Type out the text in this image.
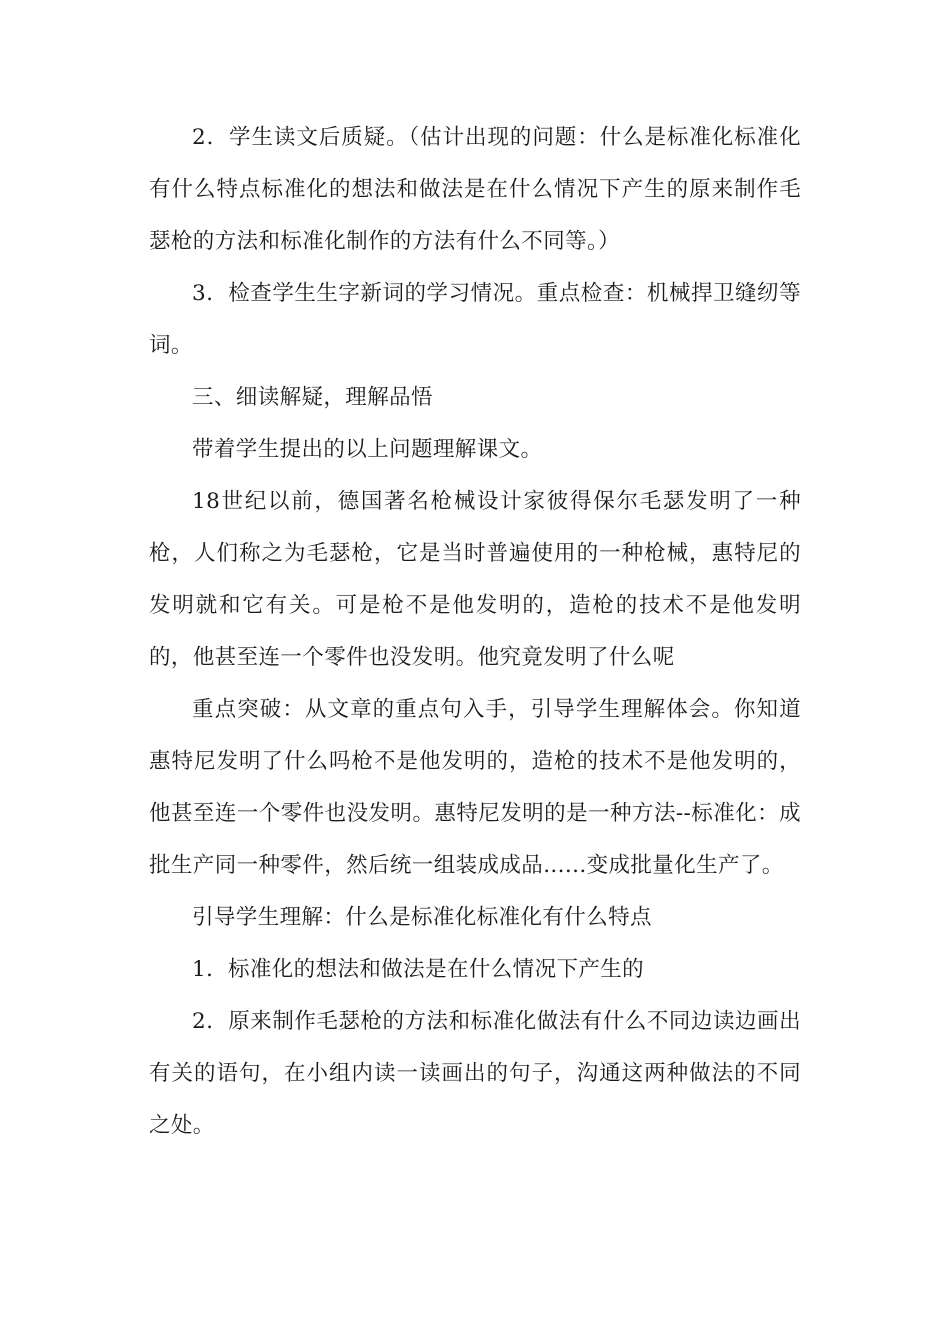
2．学生读文后质疑。（估计出现的问题：什么是标准化标准化有什么特点标准化的想法和做法是在什么情况下产生的原来制作毛瑟枪的方法和标准化制作的方法有什么不同等。）

3．检查学生生字新词的学习情况。重点检查：机械捍卫缝纫等词。

三、细读解疑，理解品悟

带着学生提出的以上问题理解课文。

18世纪以前，德国著名枪械设计家彼得保尔毛瑟发明了一种枪，人们称之为毛瑟枪，它是当时普遍使用的一种枪械，惠特尼的发明就和它有关。可是枪不是他发明的，造枪的技术不是他发明的，他甚至连一个零件也没发明。他究竟发明了什么呢

重点突破：从文章的重点句入手，引导学生理解体会。你知道惠特尼发明了什么吗枪不是他发明的，造枪的技术不是他发明的，他甚至连一个零件也没发明。惠特尼发明的是一种方法--标准化：成批生产同一种零件，然后统一组装成成品......变成批量化生产了。

引导学生理解：什么是标准化标准化有什么特点

1．标准化的想法和做法是在什么情况下产生的

2．原来制作毛瑟枪的方法和标准化做法有什么不同边读边画出有关的语句，在小组内读一读画出的句子，沟通这两种做法的不同之处。
